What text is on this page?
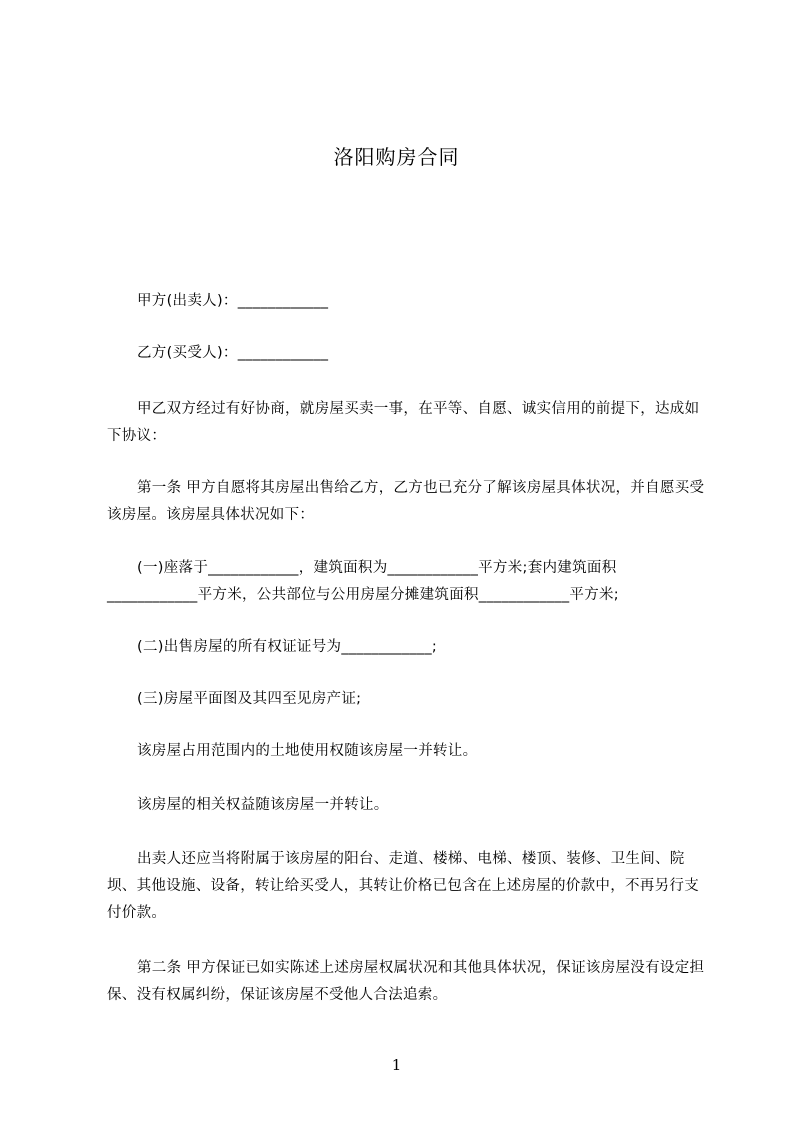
洛阳购房合同
甲方(出卖人)：____________
乙方(买受人)：____________
甲乙双方经过有好协商，就房屋买卖一事，在平等、自愿、诚实信用的前提下，达成如下协议：
第一条 甲方自愿将其房屋出售给乙方，乙方也已充分了解该房屋具体状况，并自愿买受该房屋。该房屋具体状况如下：
(一)座落于____________，建筑面积为____________平方米;套内建筑面积____________平方米，公共部位与公用房屋分摊建筑面积____________平方米;
(二)出售房屋的所有权证证号为____________;
(三)房屋平面图及其四至见房产证;
该房屋占用范围内的土地使用权随该房屋一并转让。
该房屋的相关权益随该房屋一并转让。
出卖人还应当将附属于该房屋的阳台、走道、楼梯、电梯、楼顶、装修、卫生间、院坝、其他设施、设备，转让给买受人，其转让价格已包含在上述房屋的价款中，不再另行支付价款。
第二条 甲方保证已如实陈述上述房屋权属状况和其他具体状况，保证该房屋没有设定担保、没有权属纠纷，保证该房屋不受他人合法追索。
1
